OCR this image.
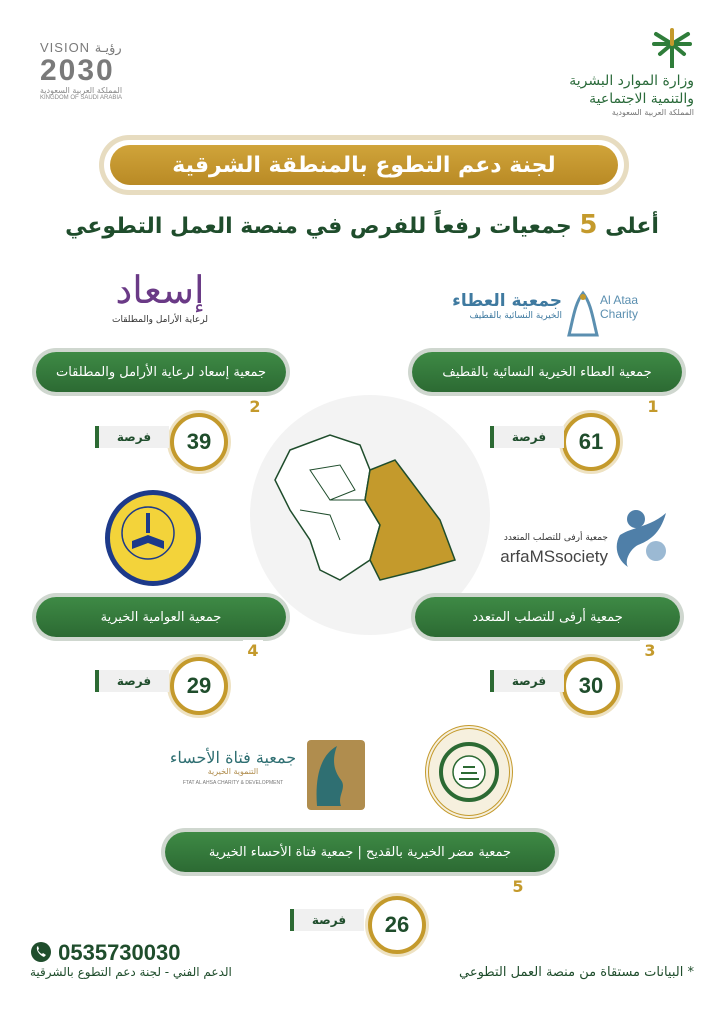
VISION رؤيـة
2030
المملكة العربية السعودية
KINGDOM OF SAUDI ARABIA
وزارة الموارد البشرية
والتنمية الاجتماعية
المملكة العربية السعودية
لجنة دعم التطوع بالمنطقة الشرقية
أعلى 5 جمعيات رفعاً للفرص في منصة العمل التطوعي
Al Ataa
Charity
جمعية العطاء
الخيرية النسائية بالقطيف
إسعاد
لرعاية الأرامل والمطلقات
جمعية أرفى للتصلب المتعدد
arfaMSsociety
جمعية فتاة الأحساء
التنموية الخيرية
FTAT AL AHSA CHARITY & DEVELOPMENT
جمعية العطاء الخيرية النسائية بالقطيف
1
61
فرصة
جمعية إسعاد لرعاية الأرامل والمطلقات
2
39
فرصة
جمعية أرفى للتصلب المتعدد
3
30
فرصة
جمعية العوامية الخيرية
4
29
فرصة
جمعية مضر الخيرية بالقديح | جمعية فتاة الأحساء الخيرية
5
26
فرصة
0535730030
الدعم الفني - لجنة دعم التطوع بالشرقية	* البيانات مستقاة من منصة العمل التطوعي
